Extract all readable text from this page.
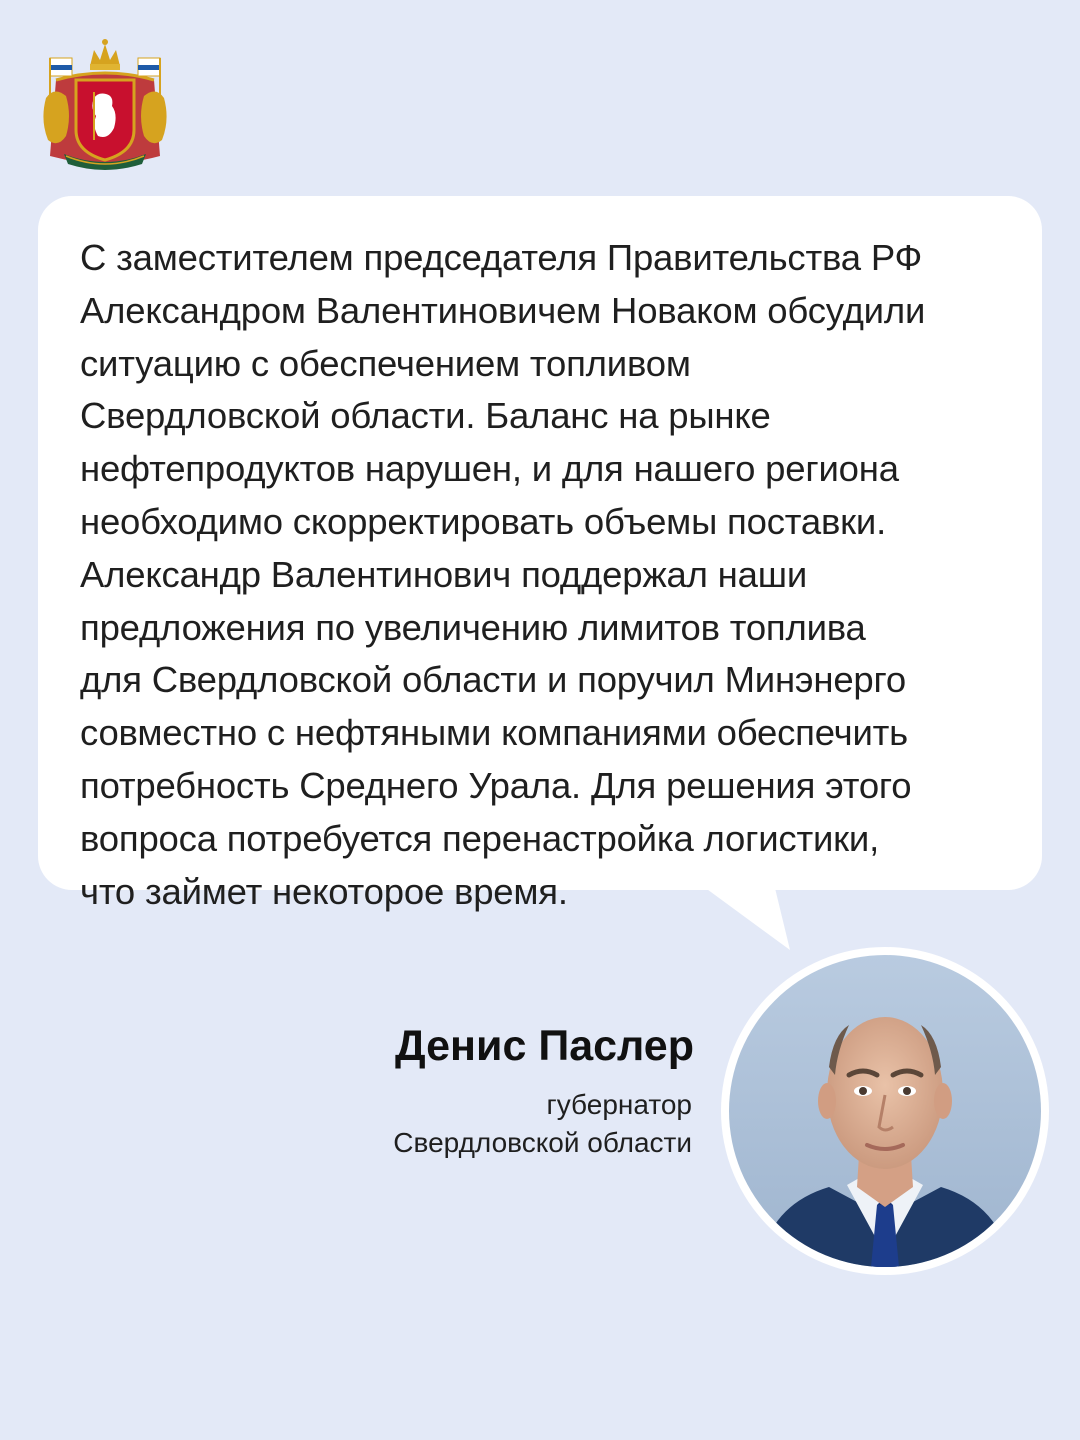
С заместителем председателя Правительства РФ
Александром Валентиновичем Новаком обсудили
ситуацию с обеспечением топливом
Свердловской области. Баланс на рынке
нефтепродуктов нарушен, и для нашего региона
необходимо скорректировать объемы поставки.
Александр Валентинович поддержал наши
предложения по увеличению лимитов топлива
для Свердловской области и поручил Минэнерго
совместно с нефтяными компаниями обеспечить
потребность Среднего Урала. Для решения этого
вопроса потребуется перенастройка логистики,
что займет некоторое время.

Денис Паслер

губернатор
Свердловской области
